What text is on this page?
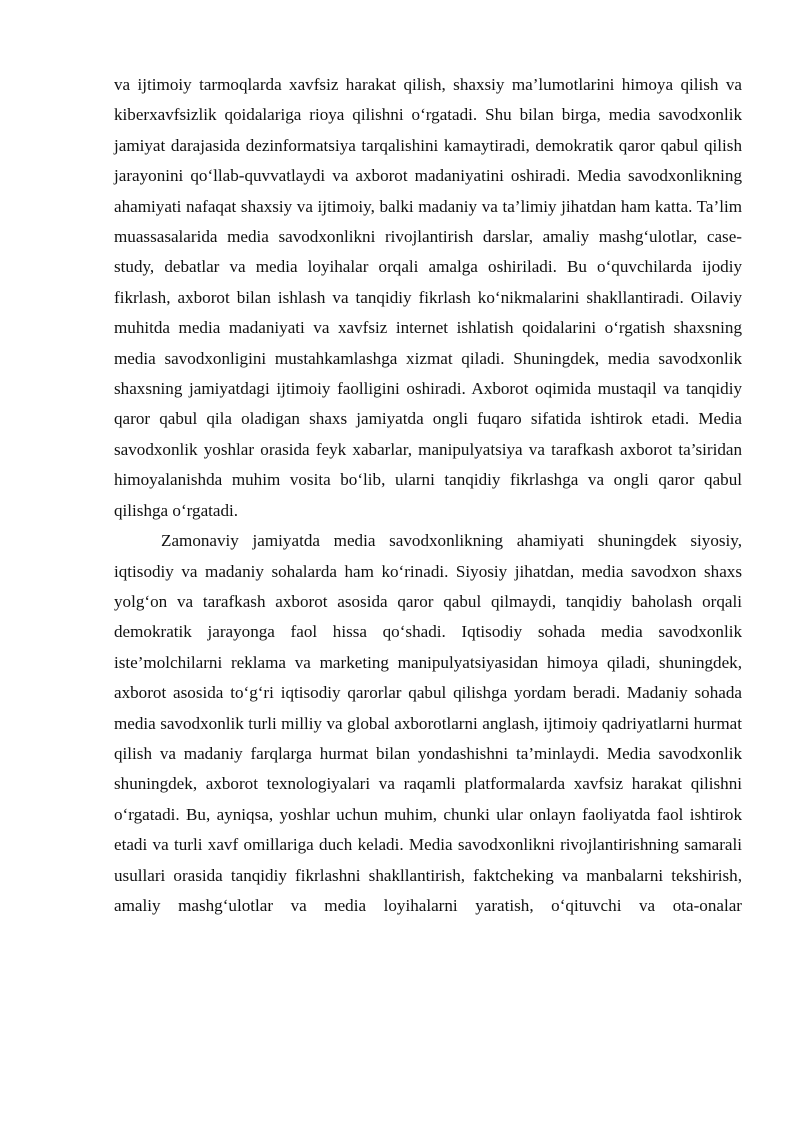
va ijtimoiy tarmoqlarda xavfsiz harakat qilish, shaxsiy ma’lumotlarini himoya qilish va kiberxavfsizlik qoidalariga rioya qilishni o‘rgatadi. Shu bilan birga, media savodxonlik jamiyat darajasida dezinformatsiya tarqalishini kamaytiradi, demokratik qaror qabul qilish jarayonini qo‘llab-quvvatlaydi va axborot madaniyatini oshiradi. Media savodxonlikning ahamiyati nafaqat shaxsiy va ijtimoiy, balki madaniy va ta’limiy jihatdan ham katta. Ta’lim muassasalarida media savodxonlikni rivojlantirish darslar, amaliy mashg‘ulotlar, case-study, debatlar va media loyihalar orqali amalga oshiriladi. Bu o‘quvchilarda ijodiy fikrlash, axborot bilan ishlash va tanqidiy fikrlash ko‘nikmalarini shakllantiradi. Oilaviy muhitda media madaniyati va xavfsiz internet ishlatish qoidalarini o‘rgatish shaxsning media savodxonligini mustahkamlashga xizmat qiladi. Shuningdek, media savodxonlik shaxsning jamiyatdagi ijtimoiy faolligini oshiradi. Axborot oqimida mustaqil va tanqidiy qaror qabul qila oladigan shaxs jamiyatda ongli fuqaro sifatida ishtirok etadi. Media savodxonlik yoshlar orasida feyk xabarlar, manipulyatsiya va tarafkash axborot ta’siridan himoyalanishda muhim vosita bo‘lib, ularni tanqidiy fikrlashga va ongli qaror qabul qilishga o‘rgatadi.

Zamonaviy jamiyatda media savodxonlikning ahamiyati shuningdek siyosiy, iqtisodiy va madaniy sohalarda ham ko‘rinadi. Siyosiy jihatdan, media savodxon shaxs yolg‘on va tarafkash axborot asosida qaror qabul qilmaydi, tanqidiy baholash orqali demokratik jarayonga faol hissa qo‘shadi. Iqtisodiy sohada media savodxonlik iste’molchilarni reklama va marketing manipulyatsiyasidan himoya qiladi, shuningdek, axborot asosida to‘g‘ri iqtisodiy qarorlar qabul qilishga yordam beradi. Madaniy sohada media savodxonlik turli milliy va global axborotlarni anglash, ijtimoiy qadriyatlarni hurmat qilish va madaniy farqlarga hurmat bilan yondashishni ta’minlaydi. Media savodxonlik shuningdek, axborot texnologiyalari va raqamli platformalarda xavfsiz harakat qilishni o‘rgatadi. Bu, ayniqsa, yoshlar uchun muhim, chunki ular onlayn faoliyatda faol ishtirok etadi va turli xavf omillariga duch keladi. Media savodxonlikni rivojlantirishning samarali usullari orasida tanqidiy fikrlashni shakllantirish, faktcheking va manbalarni tekshirish, amaliy mashg‘ulotlar va media loyihalarni yaratish, o‘qituvchi va ota-onalar
